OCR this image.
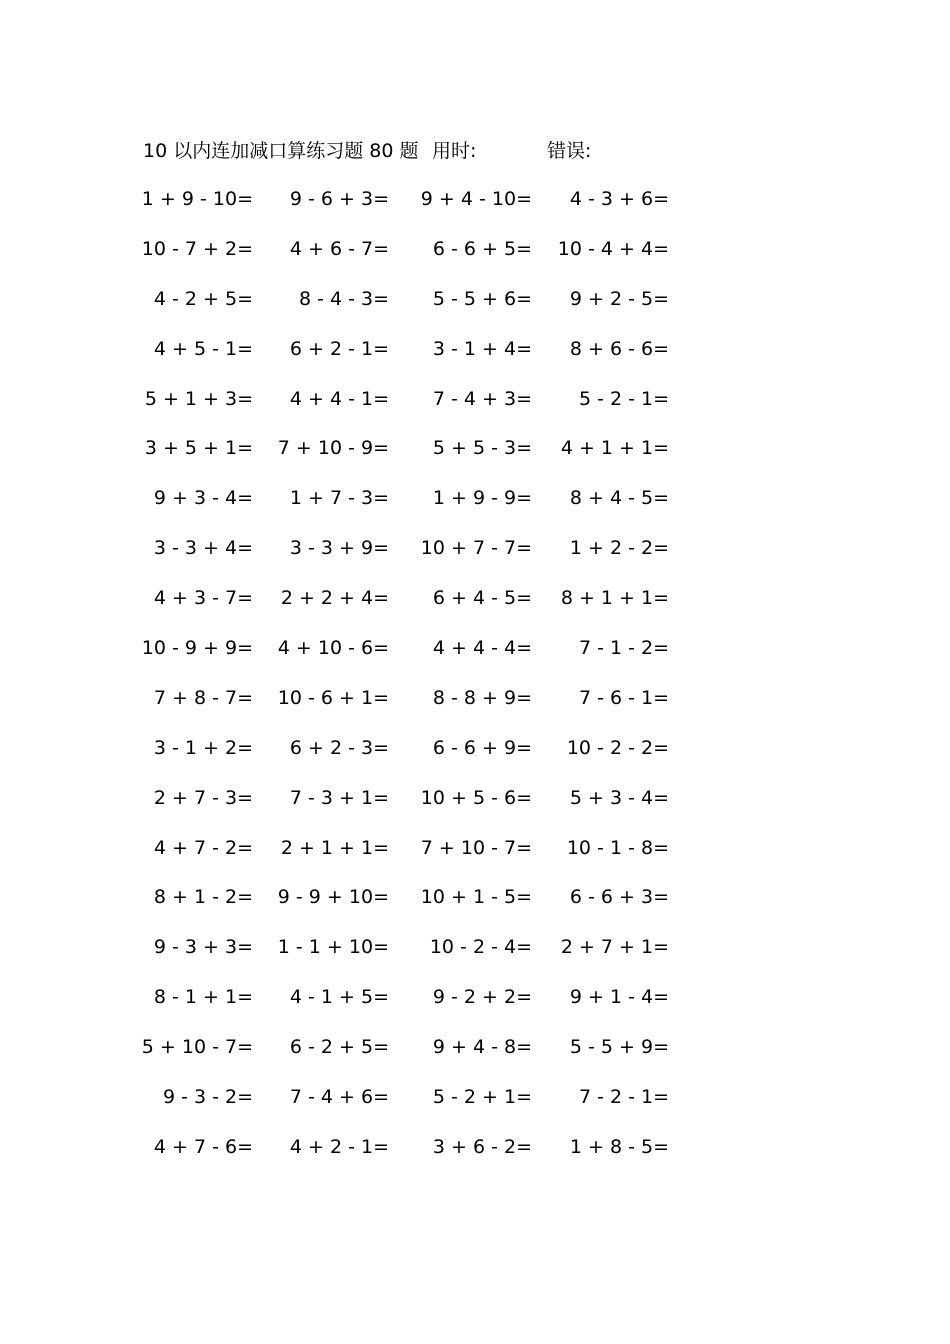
10 以内连加减口算练习题 80 题 用时:	错误:
1 + 9 - 10= 9 - 6 + 3= 9 + 4 - 10= 4 - 3 + 6=
10 - 7 + 2= 4 + 6 - 7= 6 - 6 + 5= 10 - 4 + 4=
4 - 2 + 5= 8 - 4 - 3= 5 - 5 + 6= 9 + 2 - 5=
4 + 5 - 1= 6 + 2 - 1= 3 - 1 + 4= 8 + 6 - 6=
5 + 1 + 3= 4 + 4 - 1= 7 - 4 + 3= 5 - 2 - 1=
3 + 5 + 1= 7 + 10 - 9= 5 + 5 - 3= 4 + 1 + 1=
9 + 3 - 4= 1 + 7 - 3= 1 + 9 - 9= 8 + 4 - 5=
3 - 3 + 4= 3 - 3 + 9= 10 + 7 - 7= 1 + 2 - 2=
4 + 3 - 7= 2 + 2 + 4= 6 + 4 - 5= 8 + 1 + 1=
10 - 9 + 9= 4 + 10 - 6= 4 + 4 - 4= 7 - 1 - 2=
7 + 8 - 7= 10 - 6 + 1= 8 - 8 + 9= 7 - 6 - 1=
3 - 1 + 2= 6 + 2 - 3= 6 - 6 + 9= 10 - 2 - 2=
2 + 7 - 3= 7 - 3 + 1= 10 + 5 - 6= 5 + 3 - 4=
4 + 7 - 2= 2 + 1 + 1= 7 + 10 - 7= 10 - 1 - 8=
8 + 1 - 2= 9 - 9 + 10= 10 + 1 - 5= 6 - 6 + 3=
9 - 3 + 3= 1 - 1 + 10= 10 - 2 - 4= 2 + 7 + 1=
8 - 1 + 1= 4 - 1 + 5= 9 - 2 + 2= 9 + 1 - 4=
5 + 10 - 7= 6 - 2 + 5= 9 + 4 - 8= 5 - 5 + 9=
9 - 3 - 2= 7 - 4 + 6= 5 - 2 + 1= 7 - 2 - 1=
4 + 7 - 6= 4 + 2 - 1= 3 + 6 - 2= 1 + 8 - 5=
